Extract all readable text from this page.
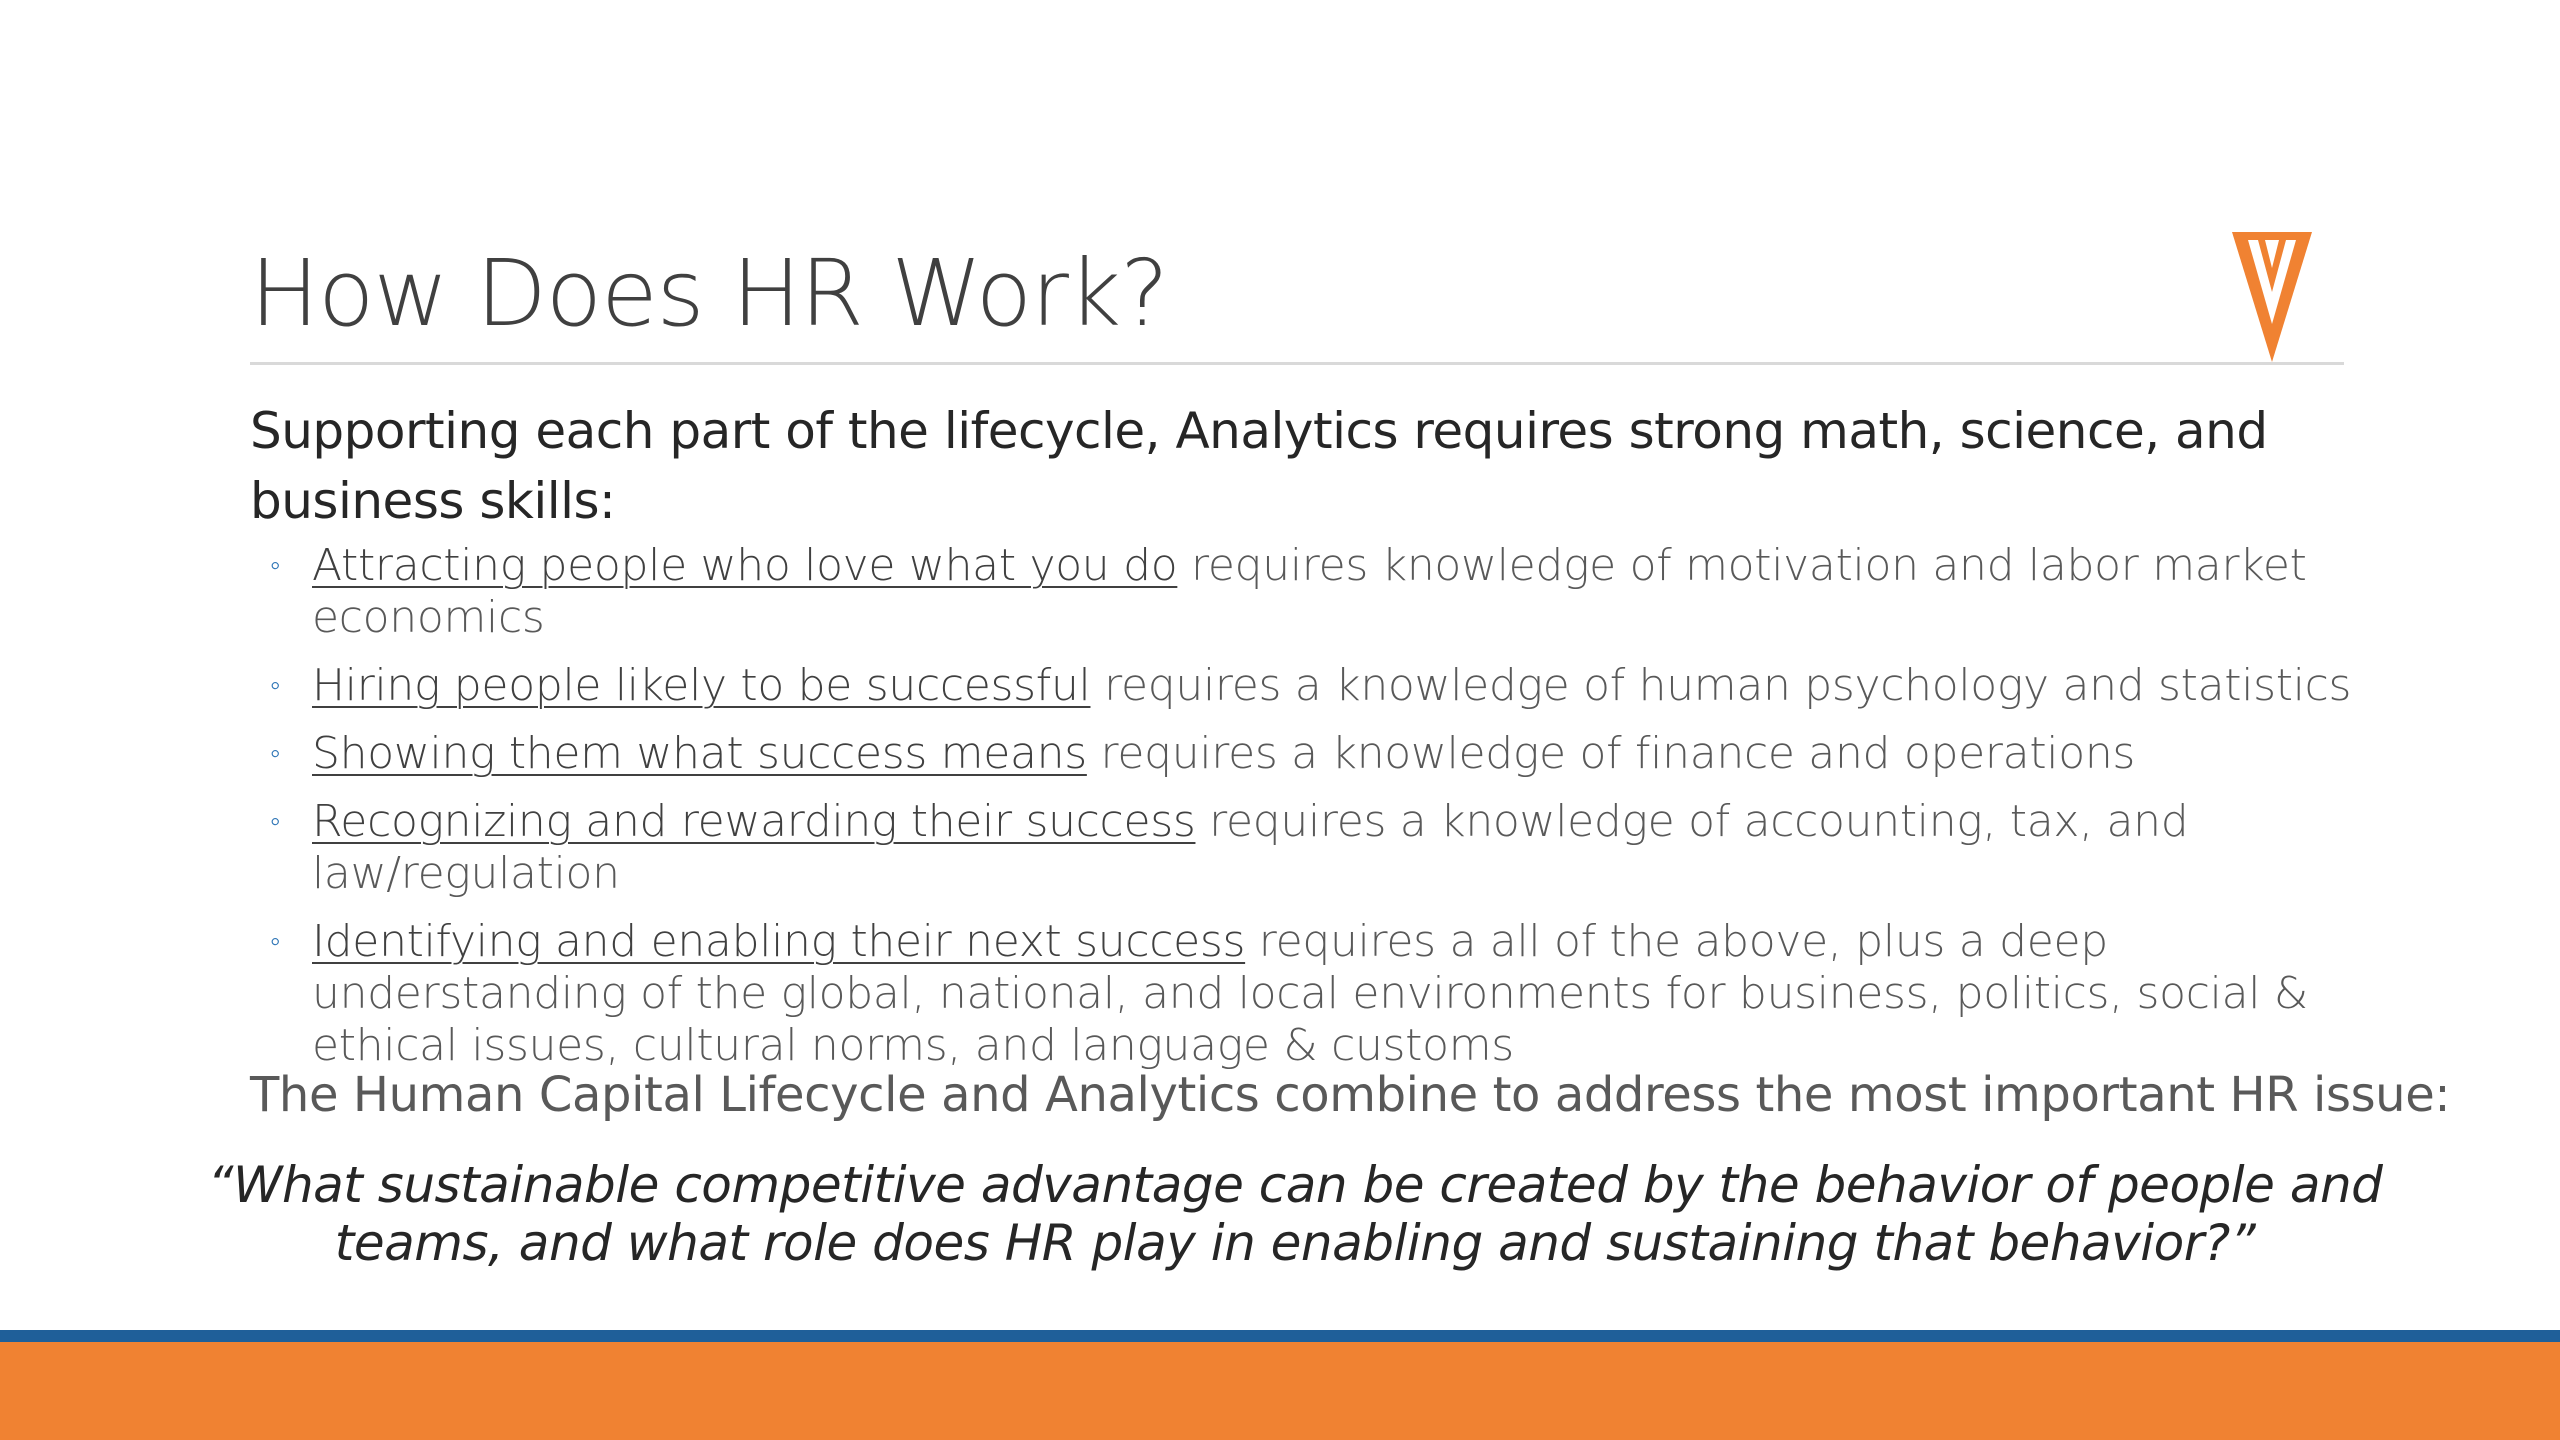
How Does HR Work?
Supporting each part of the lifecycle, Analytics requires strong math, science, and business skills:
◦ Attracting people who love what you do requires knowledge of motivation and labor market economics
◦ Hiring people likely to be successful requires a knowledge of human psychology and statistics
◦ Showing them what success means requires a knowledge of finance and operations
◦ Recognizing and rewarding their success requires a knowledge of accounting, tax, and law/regulation
◦ Identifying and enabling their next success requires a all of the above, plus a deep understanding of the global, national, and local environments for business, politics, social & ethical issues, cultural norms, and language & customs
The Human Capital Lifecycle and Analytics combine to address the most important HR issue:
“What sustainable competitive advantage can be created by the behavior of people and teams, and what role does HR play in enabling and sustaining that behavior?”
